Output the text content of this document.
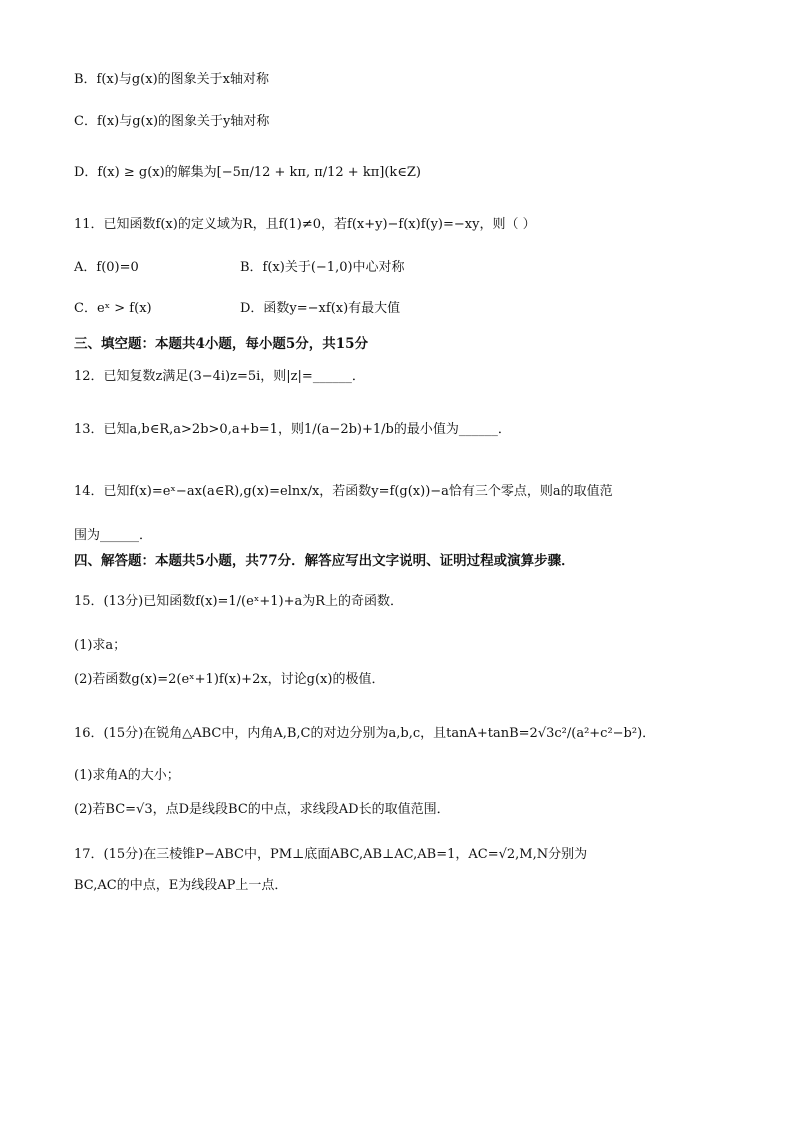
B．f(x)与g(x)的图象关于x轴对称
C．f(x)与g(x)的图象关于y轴对称
D．f(x) ≥ g(x)的解集为[−5π/12 + kπ, π/12 + kπ](k∈Z)
11．已知函数f(x)的定义域为R，且f(1)≠0，若f(x+y)−f(x)f(y)=−xy，则（ ）
A．f(0)=0	B．f(x)关于(−1,0)中心对称
C．eˣ > f(x)	D．函数y=−xf(x)有最大值
三、填空题：本题共4小题，每小题5分，共15分
12．已知复数z满足(3−4i)z=5i，则|z|=______．
13．已知a,b∈R,a>2b>0,a+b=1，则1/(a−2b)+1/b的最小值为______．
14．已知f(x)=eˣ−ax(a∈R),g(x)=elnx/x，若函数y=f(g(x))−a恰有三个零点，则a的取值范
围为______．
四、解答题：本题共5小题，共77分．解答应写出文字说明、证明过程或演算步骤．
15．(13分)已知函数f(x)=1/(eˣ+1)+a为R上的奇函数．
(1)求a；
(2)若函数g(x)=2(eˣ+1)f(x)+2x，讨论g(x)的极值．
16．(15分)在锐角△ABC中，内角A,B,C的对边分别为a,b,c，且tanA+tanB=2√3c²/(a²+c²−b²)．
(1)求角A的大小；
(2)若BC=√3，点D是线段BC的中点，求线段AD长的取值范围．
17．(15分)在三棱锥P−ABC中，PM⊥底面ABC,AB⊥AC,AB=1，AC=√2,M,N分别为
BC,AC的中点，E为线段AP上一点．
